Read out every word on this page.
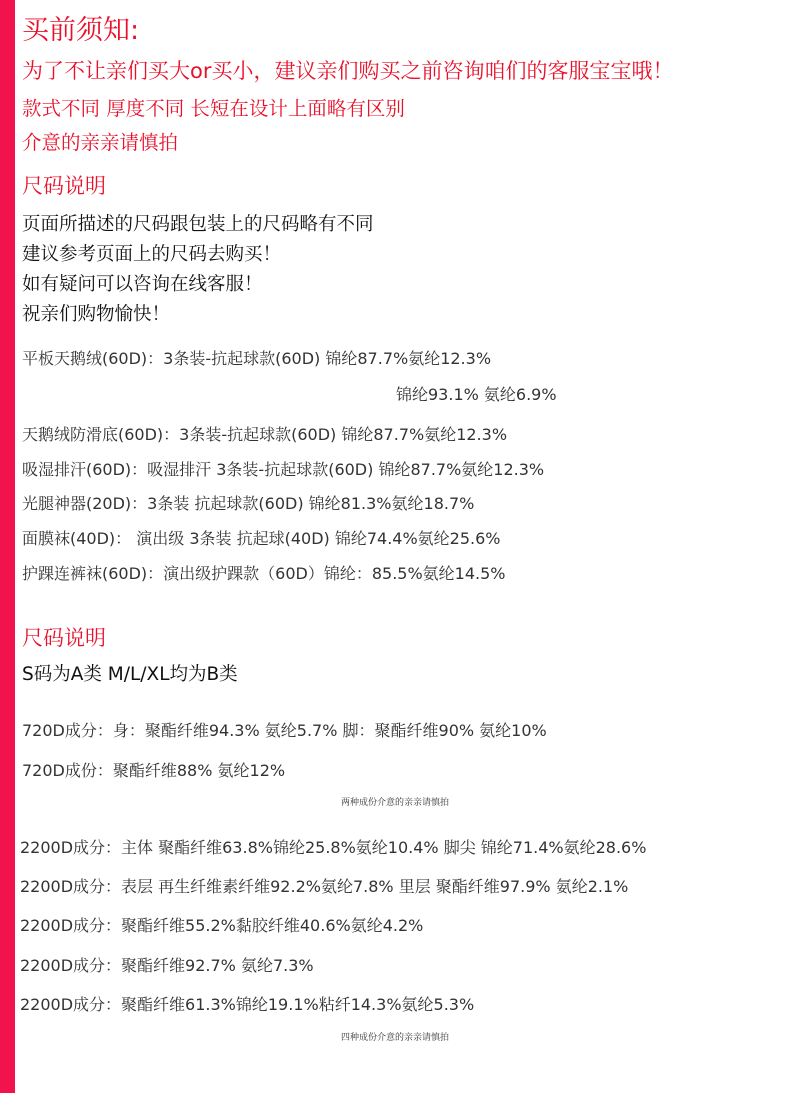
买前须知:
为了不让亲们买大or买小，建议亲们购买之前咨询咱们的客服宝宝哦！
款式不同 厚度不同 长短在设计上面略有区别
介意的亲亲请慎拍
尺码说明
页面所描述的尺码跟包装上的尺码略有不同
建议参考页面上的尺码去购买！
如有疑问可以咨询在线客服！
祝亲们购物愉快！
平板天鹅绒(60D)：3条装-抗起球款(60D) 锦纶87.7%氨纶12.3%
锦纶93.1% 氨纶6.9%
天鹅绒防滑底(60D)：3条装-抗起球款(60D) 锦纶87.7%氨纶12.3%
吸湿排汗(60D)：吸湿排汗 3条装-抗起球款(60D) 锦纶87.7%氨纶12.3%
光腿神器(20D)：3条装 抗起球款(60D) 锦纶81.3%氨纶18.7%
面膜袜(40D)： 演出级 3条装 抗起球(40D) 锦纶74.4%氨纶25.6%
护踝连裤袜(60D)：演出级护踝款（60D）锦纶：85.5%氨纶14.5%
尺码说明
S码为A类 M/L/XL均为B类
720D成分：身：聚酯纤维94.3% 氨纶5.7% 脚：聚酯纤维90% 氨纶10%
720D成份：聚酯纤维88% 氨纶12%
两种成份介意的亲亲请慎拍
2200D成分：主体 聚酯纤维63.8%锦纶25.8%氨纶10.4% 脚尖 锦纶71.4%氨纶28.6%
2200D成分：表层 再生纤维素纤维92.2%氨纶7.8% 里层 聚酯纤维97.9% 氨纶2.1%
2200D成分：聚酯纤维55.2%黏胶纤维40.6%氨纶4.2%
2200D成分：聚酯纤维92.7% 氨纶7.3%
2200D成分：聚酯纤维61.3%锦纶19.1%粘纤14.3%氨纶5.3%
四种成份介意的亲亲请慎拍
